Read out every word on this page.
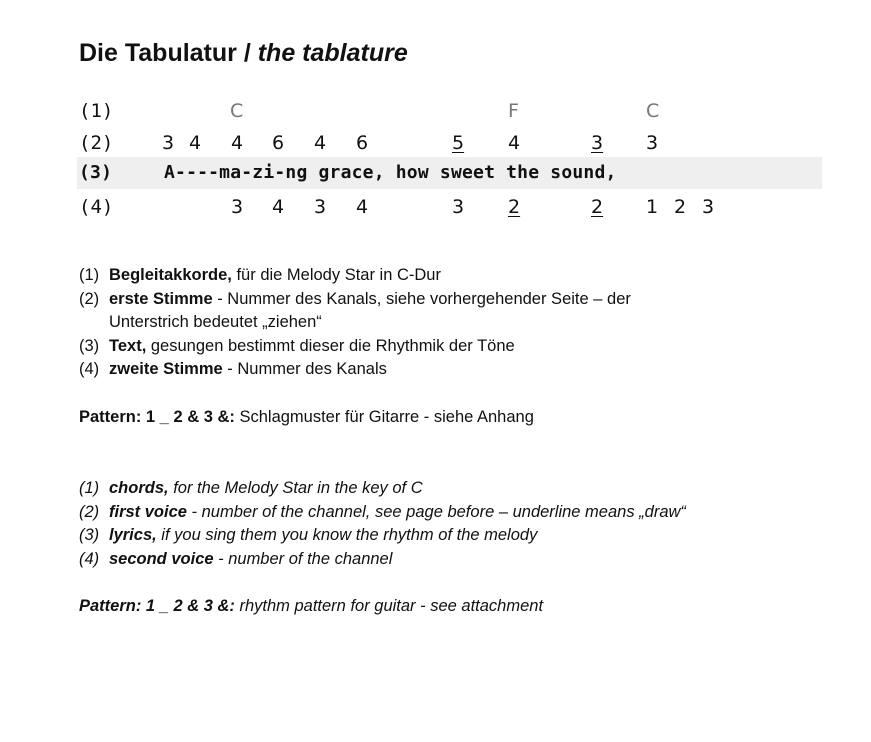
Die Tabulatur / the tablature
(1)	C	F	C
(2)	3 4 4 6 4 6	5 4	3 3
(3)	A----ma-zi-ng grace, how sweet the sound,
(4)	3 4 3 4	3 2	2 1 2 3
(1) Begleitakkorde, für die Melody Star in C-Dur
(2) erste Stimme - Nummer des Kanals, siehe vorhergehender Seite – der
Unterstrich bedeutet „ziehen“
(3) Text, gesungen bestimmt dieser die Rhythmik der Töne
(4) zweite Stimme - Nummer des Kanals

Pattern: 1 _ 2 & 3 &: Schlagmuster für Gitarre - siehe Anhang

(1) chords, for the Melody Star in the key of C
(2) first voice - number of the channel, see page before – underline means „draw“
(3) lyrics, if you sing them you know the rhythm of the melody
(4) second voice - number of the channel

Pattern: 1 _ 2 & 3 &: rhythm pattern for guitar - see attachment
